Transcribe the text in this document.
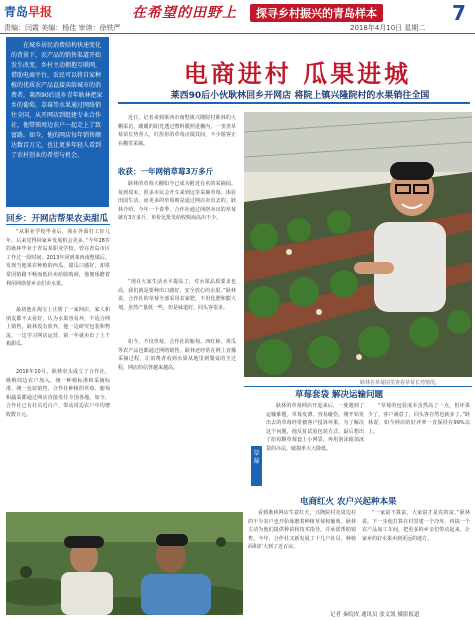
青岛早报	在希望的田野上	探寻乡村振兴的青岛样本	7
责编：闫霞 美编：杨佳 审读：徐铁严	2018年4月10日 星期二
在城乡居民消费结构快速变化的背景下，农产品的销售渠道开始发生改变，乡村主动拥抱互联网，借助电商平台，农民可以将自家种植的优质农产品直接卖给城市的消费者。莱西90后返乡青年耿林把家乡的葡萄、草莓等水果通过网络销往全国，从开网店到组建专业合作社，他带领周边农户一起走上了致富路。如今，他的网店每年销售额达数百万元，也让更多年轻人看到了农村创业的希望与机会。
回乡：开网店帮果农卖甜瓜
“从职业学校毕业后，我在外面打工好几年，后来觉得回家乡发展机会更多。”今年28岁的耿林毕业于青岛某职业学校，曾在青岛市区工作过一段时间，2013年回到莱西南墅镇后，发现当地果农种植的西瓜、甜瓜口感好，却常常因销路不畅而低价卖给收购商，他便琢磨着利用网络帮乡亲们卖水果。
最初他在淘宝上注册了一家网店，家人和朋友都不太看好，认为水果容易坏，不适合网上销售。耿林没有放弃，他一边研究包装和物流，一边学习网店运营，第一年就卖出了上千箱甜瓜。
2016年10月，耿林牵头成立了合作社，吸纳周边农户加入，统一种植标准和采摘标准，统一包装销售，合作社种植的草莓、葡萄和蔬菜都通过网店直接发往全国各地。如今，合作社已有社员近百户，带动周边农户年均增收数万元。
电商进村 瓜果进城
莱西90后小伙耿林回乡开网店 将院上镇兴隆院村的水果销往全国
近日，记者来到莱西市南墅镇兴隆院村耿林的大棚采访，暖暖的阳光透过塑料膜照进棚内，一垄垄草莓苗长势喜人，红彤彤的草莓点缀其间，不少游客正在棚里采摘。
收获：一年网销草莓3万多斤
耿林的草莓大棚如今已成为附近有名的采摘园。每到周末，很多市民会开车来到这里采摘草莓，体验田园生活。而更多的草莓则是通过网店卖出去的。耿林介绍，今年一个春季，合作社通过网络卖出的草莓就有3万多斤，单价比批发给收购商高出不少。
“现在大家生活水平提高了，对水果品质要求也高，我们就是要种出口感好、安全放心的水果。”耿林说，合作社的草莓全部采用农家肥，不用化肥和膨大剂，虽然产量低一些，但是味道好，回头客很多。
如今，不仅草莓，合作社的葡萄、西红柿、黄瓜等农产品也都通过网络销售。耿林还经常在网上直播采摘过程，让消费者看到水果从地里到餐桌的全过程，网店的信誉越来越高。
耿林在草莓园里查看草莓长势情况。
草莓套袋 解决运输问题
草莓
耿林的草莓网店开起来后，一度遇到了运输难题。草莓皮薄、容易碰伤，刚开始发出去的草莓经常被客户投诉坏果。为了解决这个问题，他反复试验包装方式，最后想出了给每颗草莓套上小网袋、再用泡沫箱加冰袋的办法，破损率大大降低。
“草莓的包装成本虽然高了一点，但坏果少了，客户满意了，回头客自然也就多了。”耿林说，如今网店的好评率一直保持在99%以上。
电商红火 农户兴起种本果
看到耿林网店生意红火，兴隆院村及周边村的不少农户也开始琢磨着种植草莓和葡萄。耿林主动为他们提供种苗和技术指导，并承诺帮助销售。今年，合作社又新发展了十几户社员，种植面积扩大到了近百亩。
“一家富不算富，大家富才是真的富。”耿林说，下一步他打算在村里建一个冷库，再搞一个农产品加工车间，把更多的乡亲们带动起来，让家乡的好水果卖到更远的地方。
记者 秦皖玫 通讯员 张文凯 摄影报道
